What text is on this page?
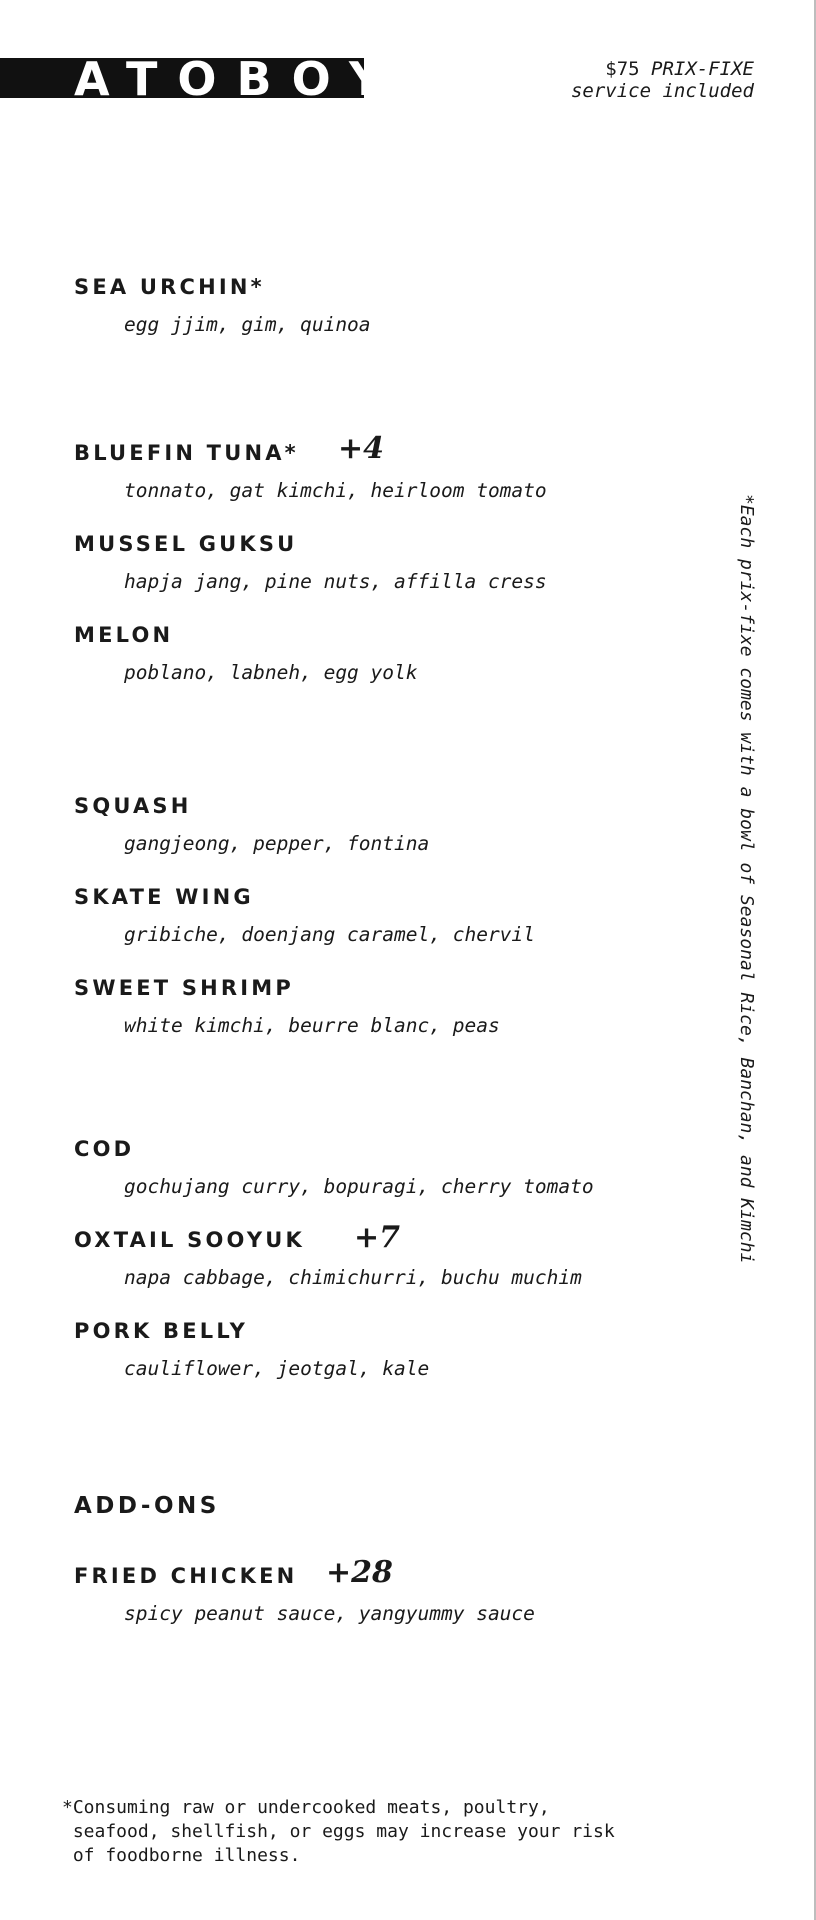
ATOBOY	$75 PRIX-FIXE
service included
SEA URCHIN*
egg jjim, gim, quinoa
BLUEFIN TUNA* +4
tonnato, gat kimchi, heirloom tomato
MUSSEL GUKSU
hapja jang, pine nuts, affilla cress
MELON
poblano, labneh, egg yolk
SQUASH
gangjeong, pepper, fontina
SKATE WING
gribiche, doenjang caramel, chervil
SWEET SHRIMP
white kimchi, beurre blanc, peas
COD
gochujang curry, bopuragi, cherry tomato
OXTAIL SOOYUK +7
napa cabbage, chimichurri, buchu muchim
PORK BELLY
cauliflower, jeotgal, kale
ADD-ONS
FRIED CHICKEN +28
spicy peanut sauce, yangyummy sauce
*Each prix-fixe comes with a bowl of Seasonal Rice, Banchan, and Kimchi
*Consuming raw or undercooked meats, poultry,
seafood, shellfish, or eggs may increase your risk
of foodborne illness.
